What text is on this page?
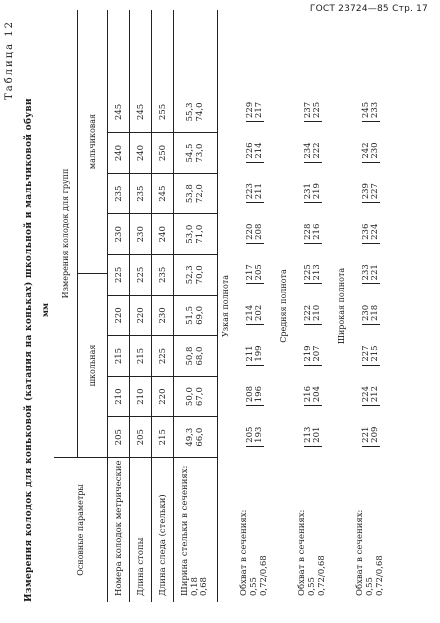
ГОСТ 23724—85 Стр. 17
Таблица 12
Измерения колодок для коньковой (катания на коньках) школьной и мальчиковой обуви мм
Основные параметры
Измерения колодок для групп
школьная
мальчиковая
Номера колодок метрические
205
210
215
220
225
230
235
240
245
Длина стопы
205
210
215
220
225
230
235
240
245
Длина следа (стельки)
215
220
225
230
235
240
245
250
255
Ширина стельки в сечениях: 0,18 0,68
49,3 66,0
50,0 67,0
50,8 68,0
51,5 69,0
52,3 70,0
53,0 71,0
53,8 72,0
54,5 73,0
55,3 74,0
Узкая полнота
Обхват в сечениях: 0,55 0,72/0,68
205 193
208 196
211 199
214 202
217 205
220 208
223 211
226 214
229 217
Средняя полнота
Обхват в сечениях: 0,55 0,72/0,68
213 201
216 204
219 207
222 210
225 213
228 216
231 219
234 222
237 225
Широкая полнота
Обхват в сечениях: 0,55 0,72/0,68
221 209
224 212
227 215
230 218
233 221
236 224
239 227
242 230
245 233
